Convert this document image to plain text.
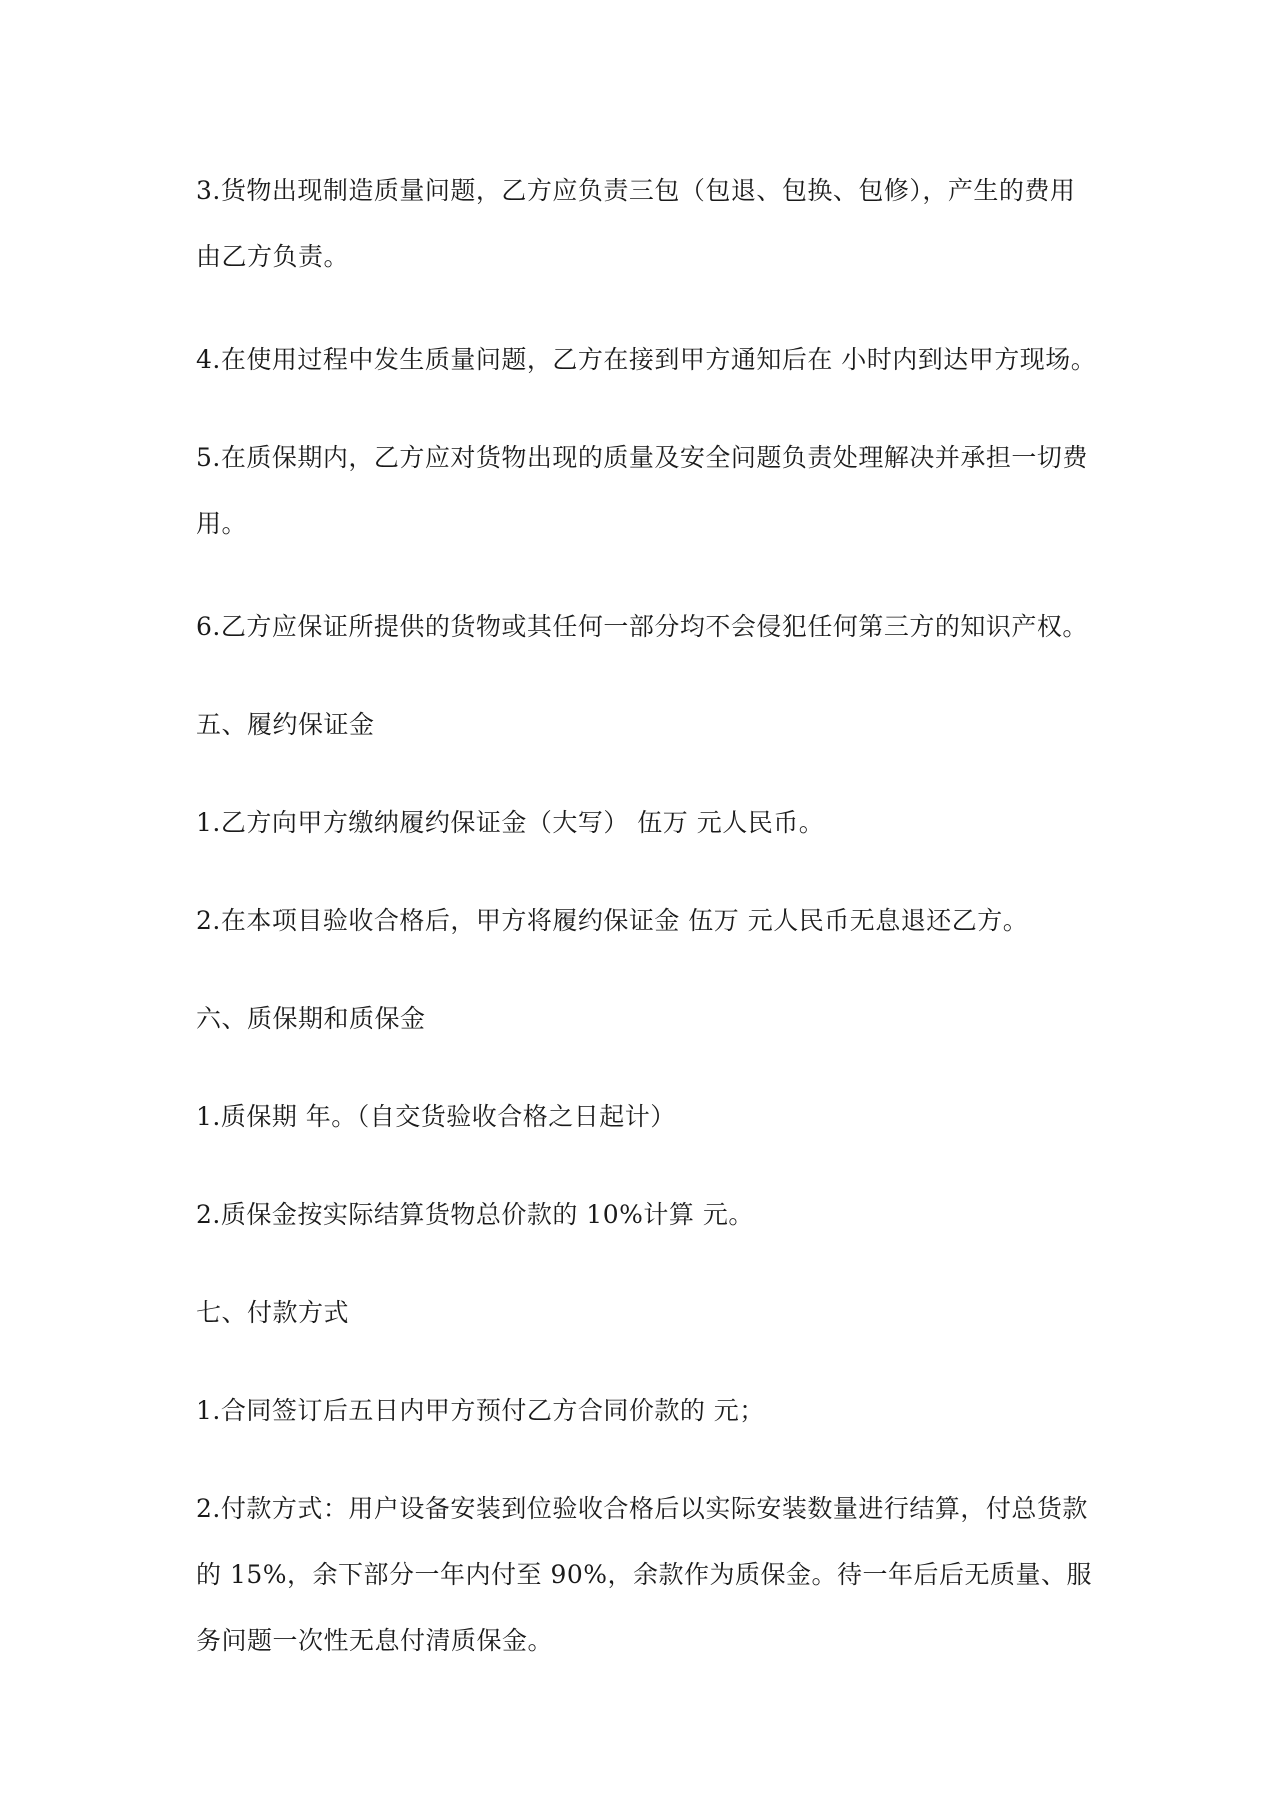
3.货物出现制造质量问题，乙方应负责三包（包退、包换、包修），产生的费用
由乙方负责。

4.在使用过程中发生质量问题，乙方在接到甲方通知后在 小时内到达甲方现场。

5.在质保期内，乙方应对货物出现的质量及安全问题负责处理解决并承担一切费
用。

6.乙方应保证所提供的货物或其任何一部分均不会侵犯任何第三方的知识产权。

五、履约保证金

1.乙方向甲方缴纳履约保证金（大写） 伍万 元人民币。

2.在本项目验收合格后，甲方将履约保证金 伍万 元人民币无息退还乙方。

六、质保期和质保金

1.质保期 年。（自交货验收合格之日起计）

2.质保金按实际结算货物总价款的 10%计算 元。

七、付款方式

1.合同签订后五日内甲方预付乙方合同价款的 元；

2.付款方式：用户设备安装到位验收合格后以实际安装数量进行结算，付总货款
的 15%，余下部分一年内付至 90%，余款作为质保金。待一年后后无质量、服
务问题一次性无息付清质保金。
